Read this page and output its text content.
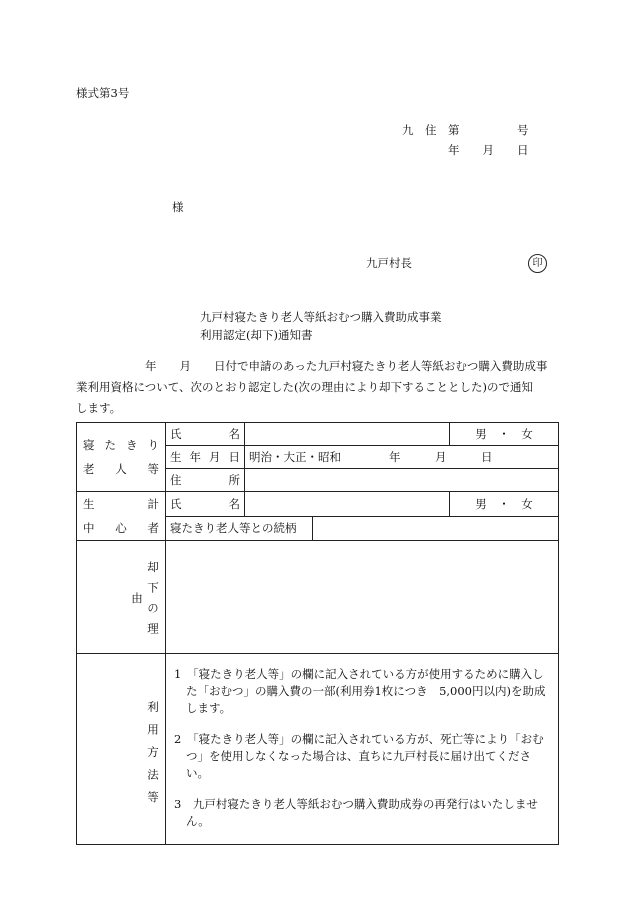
様式第3号
九　住　第　　　　　号
年　　月　　日
様
九戸村長	印
九戸村寝たきり老人等紙おむつ購入費助成事業
利用認定(却下)通知書
　　　　　　年　　月　　日付で申請のあった九戸村寝たきり老人等紙おむつ購入費助成事
業利用資格について、次のとおり認定した(次の理由により却下することとした)ので通知
します。
寝たきり
老人等	氏名			男　・　女
	生年月日	明治・大正・昭和 年　　　月　　　日		
	住所			

生　計
中心者	氏名			男　・　女
	寝たきり老人等との続柄			
却下の理由				
利用方法等	1　「寝たきり老人等」の欄に記入されている方が使用するために購入した「おむつ」の購入費の一部(利用券1枚につき　5,000円以内)を助成します。

2　「寝たきり老人等」の欄に記入されている方が、死亡等により「おむつ」を使用しなくなった場合は、直ちに九戸村長に届け出てください。

3　九戸村寝たきり老人等紙おむつ購入費助成券の再発行はいたしません。			
